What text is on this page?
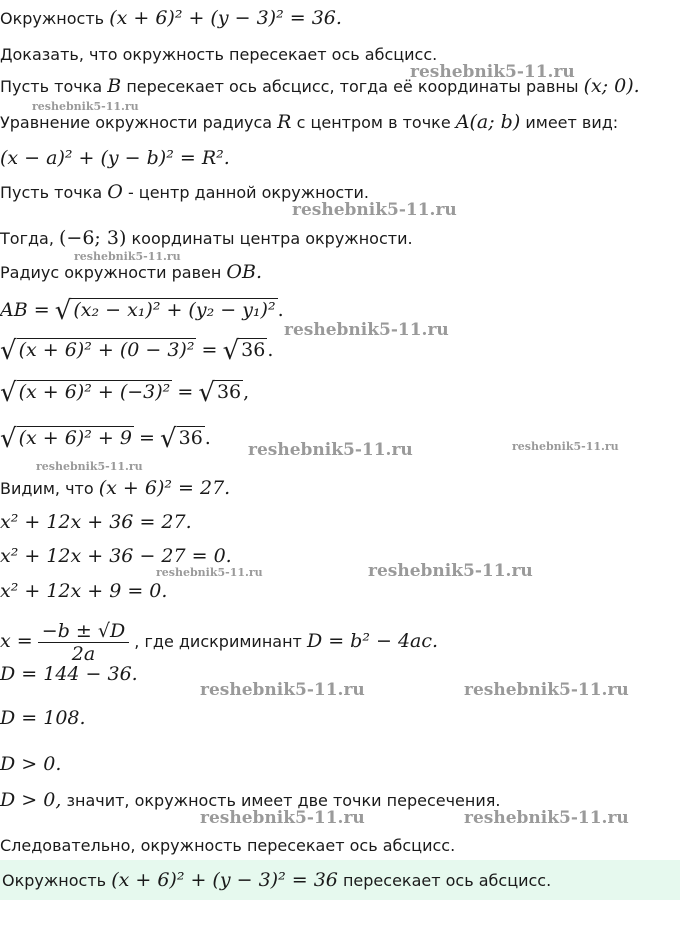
Окружность (x + 6)² + (y − 3)² = 36.
Доказать, что окружность пересекает ось абсцисс.
Пусть точка B пересекает ось абсцисс, тогда её координаты равны (x; 0).
Уравнение окружности радиуса R с центром в точке A(a; b) имеет вид:
(x − a)² + (y − b)² = R².
Пусть точка O - центр данной окружности.
Тогда, (−6; 3) координаты центра окружности.
Радиус окружности равен OB.
AB = √ (x₂ − x₁)² + (y₂ − y₁)² .
√ (x + 6)² + (0 − 3)² = √ 36 .
√ (x + 6)² + (−3)² = √ 36 ,
√ (x + 6)² + 9 = √ 36 .
Видим, что (x + 6)² = 27.
x² + 12x + 36 = 27.
x² + 12x + 36 − 27 = 0.
x² + 12x + 9 = 0.
$x = \frac{-b \pm √D}{2a}$ , где дискриминант D = b² − 4ac.
D = 144 − 36.
D = 108.
D > 0.
D > 0, значит, окружность имеет две точки пересечения.
Следовательно, окружность пересекает ось абсцисс.
Окружность (x + 6)² + (y − 3)² = 36 пересекает ось абсцисс.
reshebnik5-11.ru
reshebnik5-11.ru
reshebnik5-11.ru
reshebnik5-11.ru
reshebnik5-11.ru
reshebnik5-11.ru	reshebnik5-11.ru
reshebnik5-11.ru
reshebnik5-11.ru	reshebnik5-11.ru
reshebnik5-11.ru	reshebnik5-11.ru
reshebnik5-11.ru	reshebnik5-11.ru
